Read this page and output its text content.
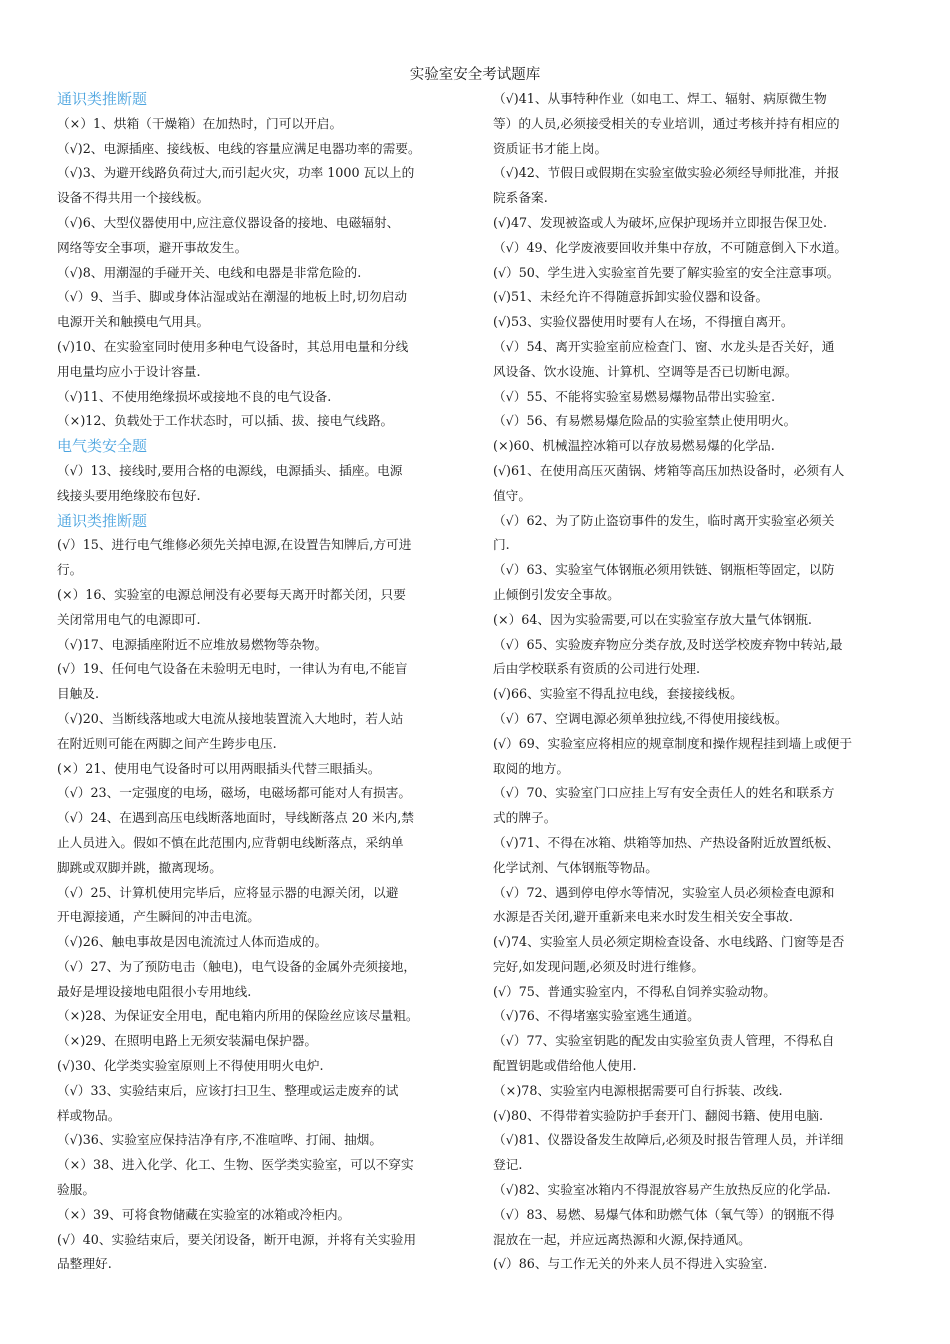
实验室安全考试题库
通识类推断题
（×）1、烘箱（干燥箱）在加热时，门可以开启。
（√)2、电源插座、接线板、电线的容量应满足电器功率的需要。
（√)3、为避开线路负荷过大,而引起火灾，功率 1000 瓦以上的
设备不得共用一个接线板。
（√)6、大型仪器使用中,应注意仪器设备的接地、电磁辐射、
网络等安全事项，避开事故发生。
（√)8、用潮湿的手碰开关、电线和电器是非常危险的.
（√）9、当手、脚或身体沾湿或站在潮湿的地板上时,切勿启动
电源开关和触摸电气用具。
(√)10、在实验室同时使用多种电气设备时，其总用电量和分线
用电量均应小于设计容量.
（√)11、不使用绝缘损坏或接地不良的电气设备.
（×)12、负载处于工作状态时，可以插、拔、接电气线路。
电气类安全题
（√）13、接线时,要用合格的电源线，电源插头、插座。电源
线接头要用绝缘胶布包好.
通识类推断题
(√）15、进行电气维修必须先关掉电源,在设置告知牌后,方可进
行。
(×）16、实验室的电源总闸没有必要每天离开时都关闭，只要
关闭常用电气的电源即可.
（√)17、电源插座附近不应堆放易燃物等杂物。
(√）19、任何电气设备在未验明无电时，一律认为有电,不能盲
目触及.
（√)20、当断线落地或大电流从接地装置流入大地时，若人站
在附近则可能在两脚之间产生跨步电压.
(×）21、使用电气设备时可以用两眼插头代替三眼插头。
（√）23、一定强度的电场，磁场，电磁场都可能对人有损害。
（√）24、在遇到高压电线断落地面时，导线断落点 20 米内,禁
止人员进入。假如不慎在此范围内,应背朝电线断落点，采纳单
脚跳或双脚并跳，撤离现场。
（√）25、计算机使用完毕后，应将显示器的电源关闭，以避
开电源接通，产生瞬间的冲击电流。
（√)26、触电事故是因电流流过人体而造成的。
（√）27、为了预防电击（触电)，电气设备的金属外壳须接地，
最好是埋设接地电阻很小专用地线.
（×)28、为保证安全用电，配电箱内所用的保险丝应该尽量粗。
（×)29、在照明电路上无须安装漏电保护器。
(√)30、化学类实验室原则上不得使用明火电炉.
（√）33、实验结束后，应该打扫卫生、整理或运走废弃的试
样或物品。
（√)36、实验室应保持洁净有序,不准喧哗、打闹、抽烟。
（×）38、进入化学、化工、生物、医学类实验室，可以不穿实
验服。
（×）39、可将食物储藏在实验室的冰箱或冷柜内。
(√）40、实验结束后，要关闭设备，断开电源，并将有关实验用
品整理好.
（√)41、从事特种作业（如电工、焊工、辐射、病原微生物
等）的人员,必须接受相关的专业培训，通过考核并持有相应的
资质证书才能上岗。
（√)42、节假日或假期在实验室做实验必须经导师批准，并报
院系备案.
(√)47、发现被盗或人为破坏,应保护现场并立即报告保卫处.
（√）49、化学废液要回收并集中存放，不可随意倒入下水道。
(√）50、学生进入实验室首先要了解实验室的安全注意事项。
(√)51、未经允许不得随意拆卸实验仪器和设备。
(√)53、实验仪器使用时要有人在场，不得擅自离开。
（√）54、离开实验室前应检查门、窗、水龙头是否关好，通
风设备、饮水设施、计算机、空调等是否已切断电源。
（√）55、不能将实验室易燃易爆物品带出实验室.
（√）56、有易燃易爆危险品的实验室禁止使用明火。
(×)60、机械温控冰箱可以存放易燃易爆的化学品.
(√)61、在使用高压灭菌锅、烤箱等高压加热设备时，必须有人
值守。
（√）62、为了防止盗窃事件的发生，临时离开实验室必须关
门.
（√）63、实验室气体钢瓶必须用铁链、钢瓶柜等固定，以防
止倾倒引发安全事故。
(×）64、因为实验需要,可以在实验室存放大量气体钢瓶.
（√）65、实验废弃物应分类存放,及时送学校废弃物中转站,最
后由学校联系有资质的公司进行处理.
(√)66、实验室不得乱拉电线，套接接线板。
（√）67、空调电源必须单独拉线,不得使用接线板。
(√）69、实验室应将相应的规章制度和操作规程挂到墙上或便于
取阅的地方。
（√）70、实验室门口应挂上写有安全责任人的姓名和联系方
式的牌子。
（√)71、不得在冰箱、烘箱等加热、产热设备附近放置纸板、
化学试剂、气体钢瓶等物品。
（√）72、遇到停电停水等情况，实验室人员必须检查电源和
水源是否关闭,避开重新来电来水时发生相关安全事故.
(√)74、实验室人员必须定期检查设备、水电线路、门窗等是否
完好,如发现问题,必须及时进行维修。
(√）75、普通实验室内，不得私自饲养实验动物。
（√)76、不得堵塞实验室逃生通道。
（√）77、实验室钥匙的配发由实验室负责人管理，不得私自
配置钥匙或借给他人使用.
（×)78、实验室内电源根据需要可自行拆装、改线.
(√)80、不得带着实验防护手套开门、翻阅书籍、使用电脑.
（√)81、仪器设备发生故障后,必须及时报告管理人员，并详细
登记.
（√)82、实验室冰箱内不得混放容易产生放热反应的化学品.
（√）83、易燃、易爆气体和助燃气体（氧气等）的钢瓶不得
混放在一起，并应远离热源和火源,保持通风。
(√）86、与工作无关的外来人员不得进入实验室.
